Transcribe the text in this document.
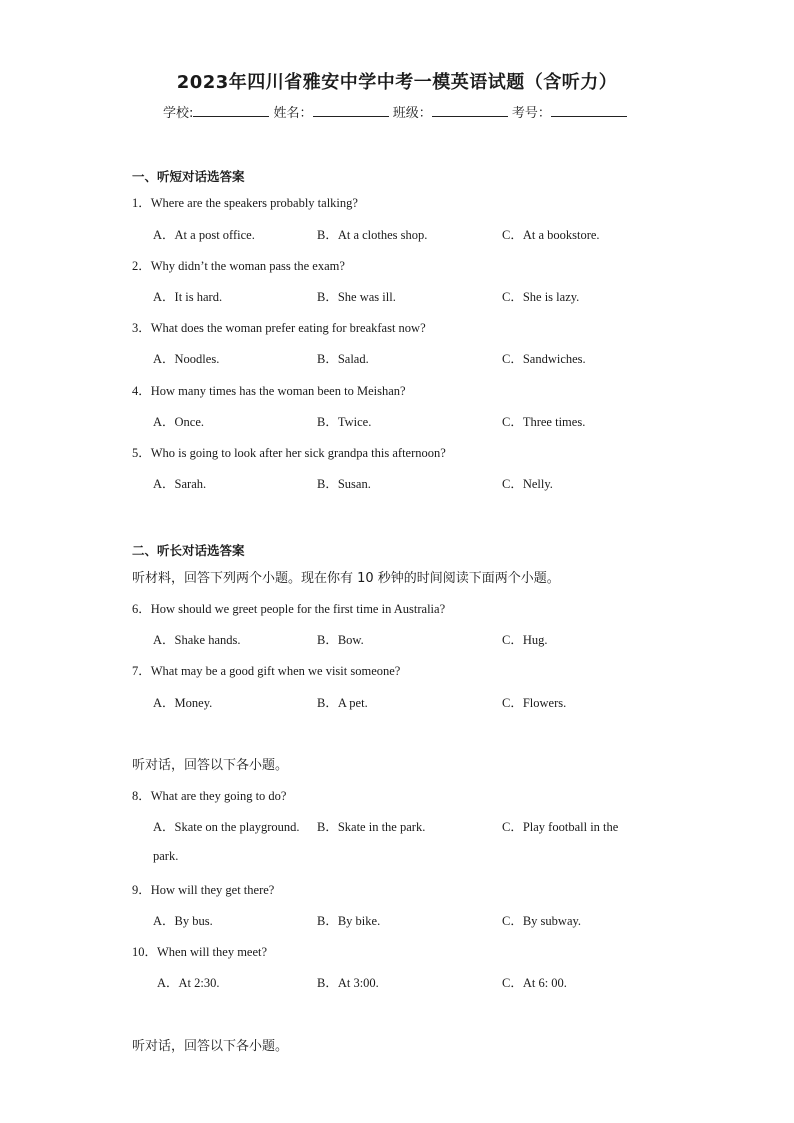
2023年四川省雅安中学中考一模英语试题（含听力）
学校:	姓名：	班级：	考号：
一、听短对话选答案
1．Where are the speakers probably talking?
A．At a post office.	B．At a clothes shop.	C．At a bookstore.
2．Why didn’t the woman pass the exam?
A．It is hard.	B．She was ill.	C．She is lazy.
3．What does the woman prefer eating for breakfast now?
A．Noodles.	B．Salad.	C．Sandwiches.
4．How many times has the woman been to Meishan?
A．Once.	B．Twice.	C．Three times.
5．Who is going to look after her sick grandpa this afternoon?
A．Sarah.	B．Susan.	C．Nelly.
二、听长对话选答案
听材料，回答下列两个小题。现在你有 10 秒钟的时间阅读下面两个小题。
6．How should we greet people for the first time in Australia?
A．Shake hands.	B．Bow.	C．Hug.
7．What may be a good gift when we visit someone?
A．Money.	B．A pet.	C．Flowers.
听对话，回答以下各小题。
8．What are they going to do?
A．Skate on the playground. B．Skate in the park.	C．Play football in the
park.
9．How will they get there?
A．By bus.	B．By bike.	C．By subway.
10．When will they meet?
A．At 2:30.	B．At 3:00.	C．At 6: 00.
听对话，回答以下各小题。
